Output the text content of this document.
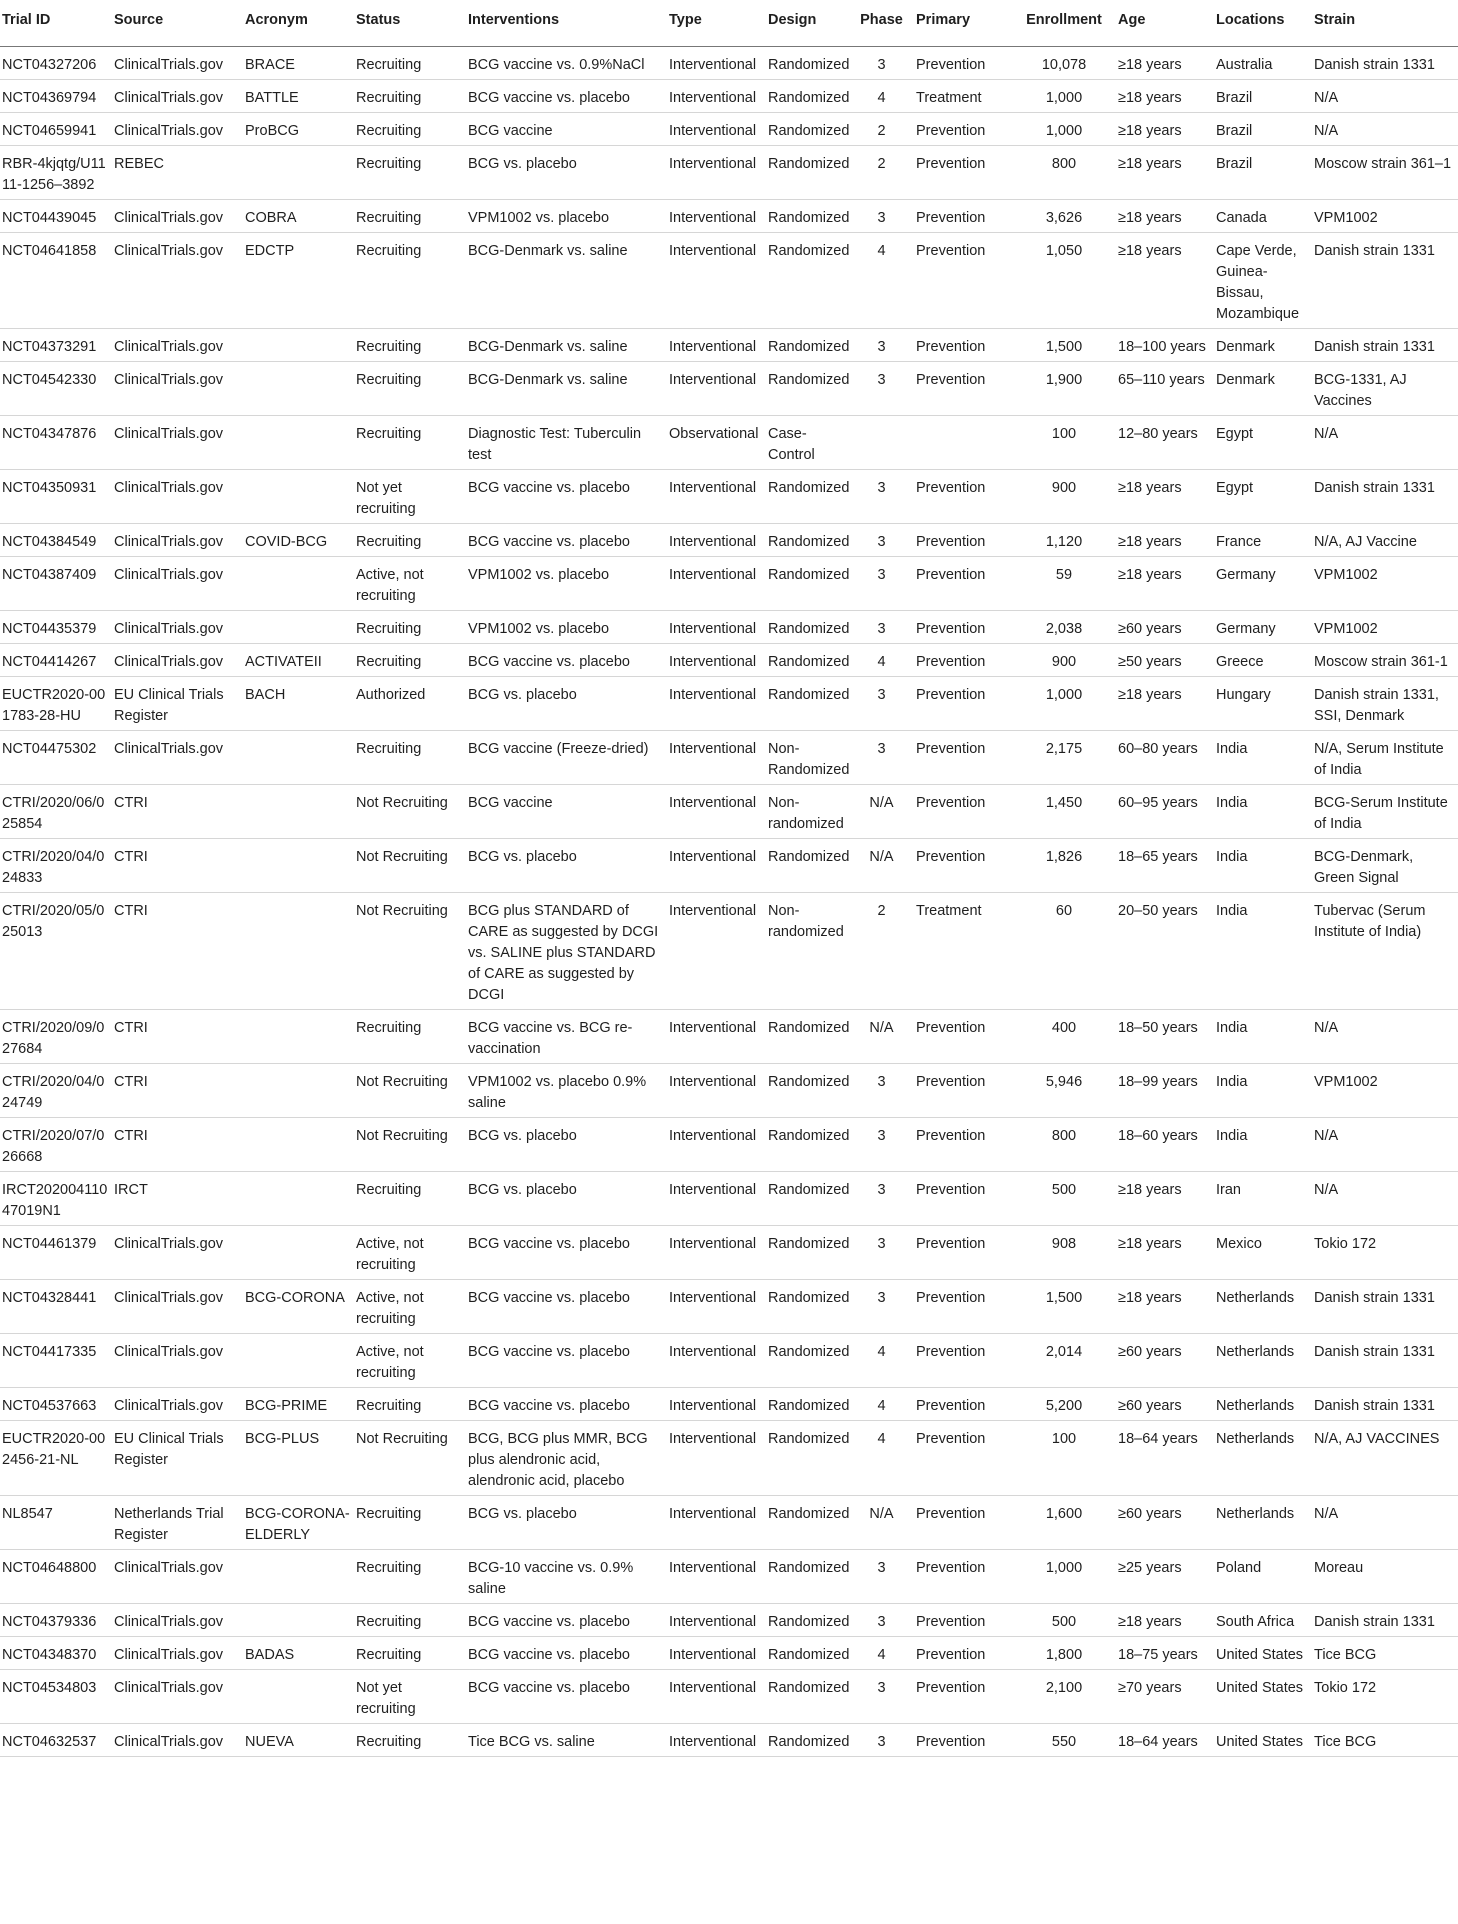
Trial ID	Source	Acronym	Status	Interventions	Type	Design	Phase	Primary	Enrollment	Age	Locations	Strain
NCT04327206	ClinicalTrials.gov	BRACE	Recruiting	BCG vaccine vs. 0.9%NaCl	Interventional	Randomized	3	Prevention	10,078	≥18 years	Australia	Danish strain 1331
NCT04369794	ClinicalTrials.gov	BATTLE	Recruiting	BCG vaccine vs. placebo	Interventional	Randomized	4	Treatment	1,000	≥18 years	Brazil	N/A
NCT04659941	ClinicalTrials.gov	ProBCG	Recruiting	BCG vaccine	Interventional	Randomized	2	Prevention	1,000	≥18 years	Brazil	N/A
RBR-4kjqtg/U1111-1256–3892	REBEC		Recruiting	BCG vs. placebo	Interventional	Randomized	2	Prevention	800	≥18 years	Brazil	Moscow strain 361–1
NCT04439045	ClinicalTrials.gov	COBRA	Recruiting	VPM1002 vs. placebo	Interventional	Randomized	3	Prevention	3,626	≥18 years	Canada	VPM1002
NCT04641858	ClinicalTrials.gov	EDCTP	Recruiting	BCG-Denmark vs. saline	Interventional	Randomized	4	Prevention	1,050	≥18 years	Cape Verde, Guinea-Bissau, Mozambique	Danish strain 1331
NCT04373291	ClinicalTrials.gov		Recruiting	BCG-Denmark vs. saline	Interventional	Randomized	3	Prevention	1,500	18–100 years	Denmark	Danish strain 1331
NCT04542330	ClinicalTrials.gov		Recruiting	BCG-Denmark vs. saline	Interventional	Randomized	3	Prevention	1,900	65–110 years	Denmark	BCG-1331, AJ Vaccines
NCT04347876	ClinicalTrials.gov		Recruiting	Diagnostic Test: Tuberculin test	Observational	Case-Control			100	12–80 years	Egypt	N/A
NCT04350931	ClinicalTrials.gov		Not yet recruiting	BCG vaccine vs. placebo	Interventional	Randomized	3	Prevention	900	≥18 years	Egypt	Danish strain 1331
NCT04384549	ClinicalTrials.gov	COVID-BCG	Recruiting	BCG vaccine vs. placebo	Interventional	Randomized	3	Prevention	1,120	≥18 years	France	N/A, AJ Vaccine
NCT04387409	ClinicalTrials.gov		Active, not recruiting	VPM1002 vs. placebo	Interventional	Randomized	3	Prevention	59	≥18 years	Germany	VPM1002
NCT04435379	ClinicalTrials.gov		Recruiting	VPM1002 vs. placebo	Interventional	Randomized	3	Prevention	2,038	≥60 years	Germany	VPM1002
NCT04414267	ClinicalTrials.gov	ACTIVATEII	Recruiting	BCG vaccine vs. placebo	Interventional	Randomized	4	Prevention	900	≥50 years	Greece	Moscow strain 361-1
EUCTR2020-001783-28-HU	EU Clinical Trials Register	BACH	Authorized	BCG vs. placebo	Interventional	Randomized	3	Prevention	1,000	≥18 years	Hungary	Danish strain 1331, SSI, Denmark
NCT04475302	ClinicalTrials.gov		Recruiting	BCG vaccine (Freeze-dried)	Interventional	Non-Randomized	3	Prevention	2,175	60–80 years	India	N/A, Serum Institute of India
CTRI/2020/06/025854	CTRI		Not Recruiting	BCG vaccine	Interventional	Non-randomized	N/A	Prevention	1,450	60–95 years	India	BCG-Serum Institute of India
CTRI/2020/04/024833	CTRI		Not Recruiting	BCG vs. placebo	Interventional	Randomized	N/A	Prevention	1,826	18–65 years	India	BCG-Denmark, Green Signal
CTRI/2020/05/025013	CTRI		Not Recruiting	BCG plus STANDARD of CARE as suggested by DCGI vs. SALINE plus STANDARD of CARE as suggested by DCGI	Interventional	Non-randomized	2	Treatment	60	20–50 years	India	Tubervac (Serum Institute of India)
CTRI/2020/09/027684	CTRI		Recruiting	BCG vaccine vs. BCG re-vaccination	Interventional	Randomized	N/A	Prevention	400	18–50 years	India	N/A
CTRI/2020/04/024749	CTRI		Not Recruiting	VPM1002 vs. placebo 0.9% saline	Interventional	Randomized	3	Prevention	5,946	18–99 years	India	VPM1002
CTRI/2020/07/026668	CTRI		Not Recruiting	BCG vs. placebo	Interventional	Randomized	3	Prevention	800	18–60 years	India	N/A
IRCT20200411047019N1	IRCT		Recruiting	BCG vs. placebo	Interventional	Randomized	3	Prevention	500	≥18 years	Iran	N/A
NCT04461379	ClinicalTrials.gov		Active, not recruiting	BCG vaccine vs. placebo	Interventional	Randomized	3	Prevention	908	≥18 years	Mexico	Tokio 172
NCT04328441	ClinicalTrials.gov	BCG-CORONA	Active, not recruiting	BCG vaccine vs. placebo	Interventional	Randomized	3	Prevention	1,500	≥18 years	Netherlands	Danish strain 1331
NCT04417335	ClinicalTrials.gov		Active, not recruiting	BCG vaccine vs. placebo	Interventional	Randomized	4	Prevention	2,014	≥60 years	Netherlands	Danish strain 1331
NCT04537663	ClinicalTrials.gov	BCG-PRIME	Recruiting	BCG vaccine vs. placebo	Interventional	Randomized	4	Prevention	5,200	≥60 years	Netherlands	Danish strain 1331
EUCTR2020-002456-21-NL	EU Clinical Trials Register	BCG-PLUS	Not Recruiting	BCG, BCG plus MMR, BCG plus alendronic acid, alendronic acid, placebo	Interventional	Randomized	4	Prevention	100	18–64 years	Netherlands	N/A, AJ VACCINES
NL8547	Netherlands Trial Register	BCG-CORONA-ELDERLY	Recruiting	BCG vs. placebo	Interventional	Randomized	N/A	Prevention	1,600	≥60 years	Netherlands	N/A
NCT04648800	ClinicalTrials.gov		Recruiting	BCG-10 vaccine vs. 0.9% saline	Interventional	Randomized	3	Prevention	1,000	≥25 years	Poland	Moreau
NCT04379336	ClinicalTrials.gov		Recruiting	BCG vaccine vs. placebo	Interventional	Randomized	3	Prevention	500	≥18 years	South Africa	Danish strain 1331
NCT04348370	ClinicalTrials.gov	BADAS	Recruiting	BCG vaccine vs. placebo	Interventional	Randomized	4	Prevention	1,800	18–75 years	United States	Tice BCG
NCT04534803	ClinicalTrials.gov		Not yet recruiting	BCG vaccine vs. placebo	Interventional	Randomized	3	Prevention	2,100	≥70 years	United States	Tokio 172
NCT04632537	ClinicalTrials.gov	NUEVA	Recruiting	Tice BCG vs. saline	Interventional	Randomized	3	Prevention	550	18–64 years	United States	Tice BCG
